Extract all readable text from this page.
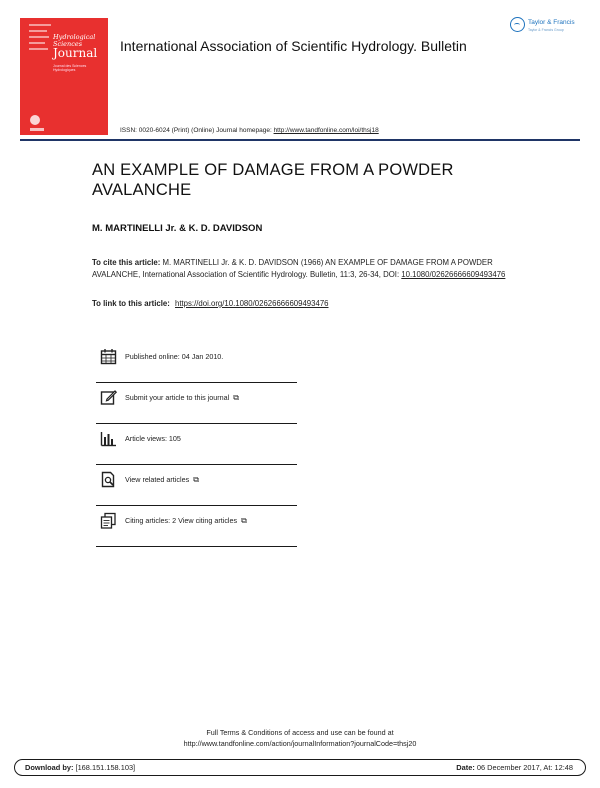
Hydrological Sciences
Journal
Journal des Sciences Hydrologiques
International Association of Scientific Hydrology. Bulletin
Taylor & Francis
Taylor & Francis Group
ISSN: 0020-6024 (Print) (Online) Journal homepage: http://www.tandfonline.com/loi/thsj18
AN EXAMPLE OF DAMAGE FROM A POWDER AVALANCHE
M. MARTINELLI Jr. & K. D. DAVIDSON
To cite this article: M. MARTINELLI Jr. & K. D. DAVIDSON (1966) AN EXAMPLE OF DAMAGE FROM A POWDER AVALANCHE, International Association of Scientific Hydrology. Bulletin, 11:3, 26-34, DOI: 10.1080/02626666609493476
To link to this article: https://doi.org/10.1080/02626666609493476
Published online: 04 Jan 2010.
Submit your article to this journal ⧉
Article views: 105
View related articles ⧉
Citing articles: 2 View citing articles ⧉
Full Terms & Conditions of access and use can be found at
http://www.tandfonline.com/action/journalInformation?journalCode=thsj20
Download by: [168.151.158.103]	Date: 06 December 2017, At: 12:48
